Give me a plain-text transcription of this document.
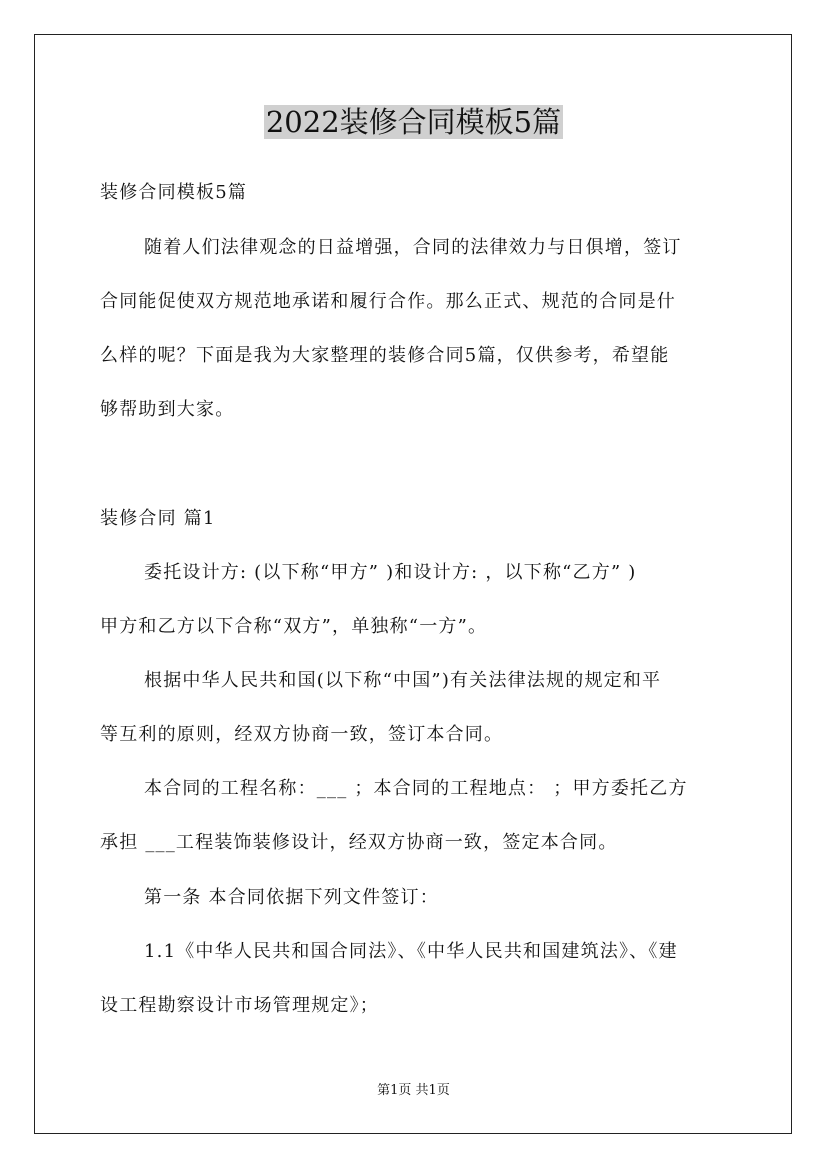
2022装修合同模板5篇
装修合同模板5篇
随着人们法律观念的日益增强，合同的法律效力与日俱增，签订
合同能促使双方规范地承诺和履行合作。那么正式、规范的合同是什
么样的呢？下面是我为大家整理的装修合同5篇，仅供参考，希望能
够帮助到大家。
装修合同 篇1
委托设计方: (以下称“甲方” )和设计方: ，以下称“乙方” )
甲方和乙方以下合称“双方”，单独称“一方”。
根据中华人民共和国(以下称“中国”)有关法律法规的规定和平
等互利的原则，经双方协商一致，签订本合同。
本合同的工程名称：___ ；本合同的工程地点： ；甲方委托乙方
承担 ___工程装饰装修设计，经双方协商一致，签定本合同。
第一条 本合同依据下列文件签订：
1.1《中华人民共和国合同法》、《中华人民共和国建筑法》、《建
设工程勘察设计市场管理规定》；
第1页 共1页
